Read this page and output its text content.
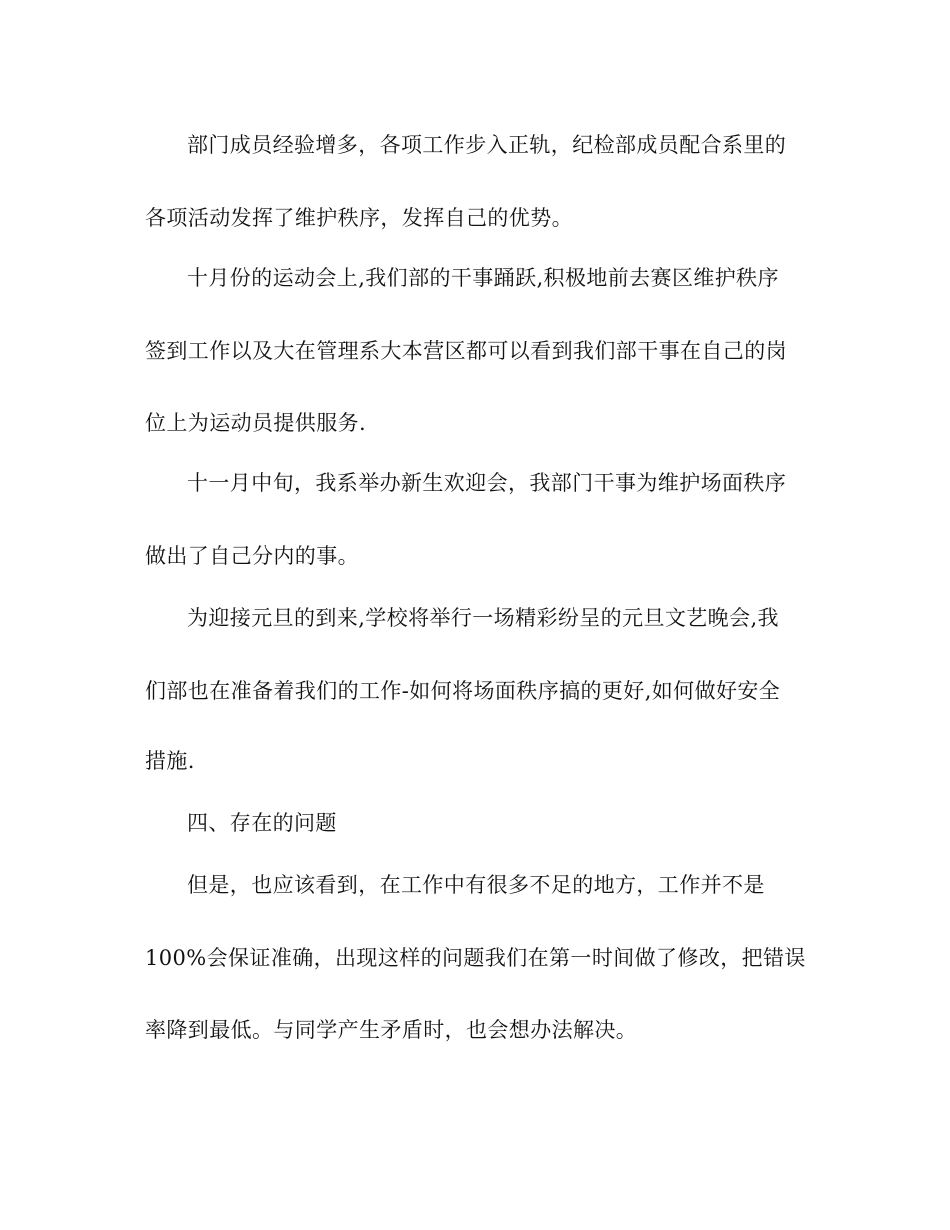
部门成员经验增多，各项工作步入正轨，纪检部成员配合系里的
各项活动发挥了维护秩序，发挥自己的优势。
十月份的运动会上,我们部的干事踊跃,积极地前去赛区维护秩序
签到工作以及大在管理系大本营区都可以看到我们部干事在自己的岗
位上为运动员提供服务.
十一月中旬，我系举办新生欢迎会，我部门干事为维护场面秩序
做出了自己分内的事。
为迎接元旦的到来,学校将举行一场精彩纷呈的元旦文艺晚会,我
们部也在准备着我们的工作-如何将场面秩序搞的更好,如何做好安全
措施.
四、存在的问题
但是，也应该看到，在工作中有很多不足的地方，工作并不是
100%会保证准确，出现这样的问题我们在第一时间做了修改，把错误
率降到最低。与同学产生矛盾时，也会想办法解决。
